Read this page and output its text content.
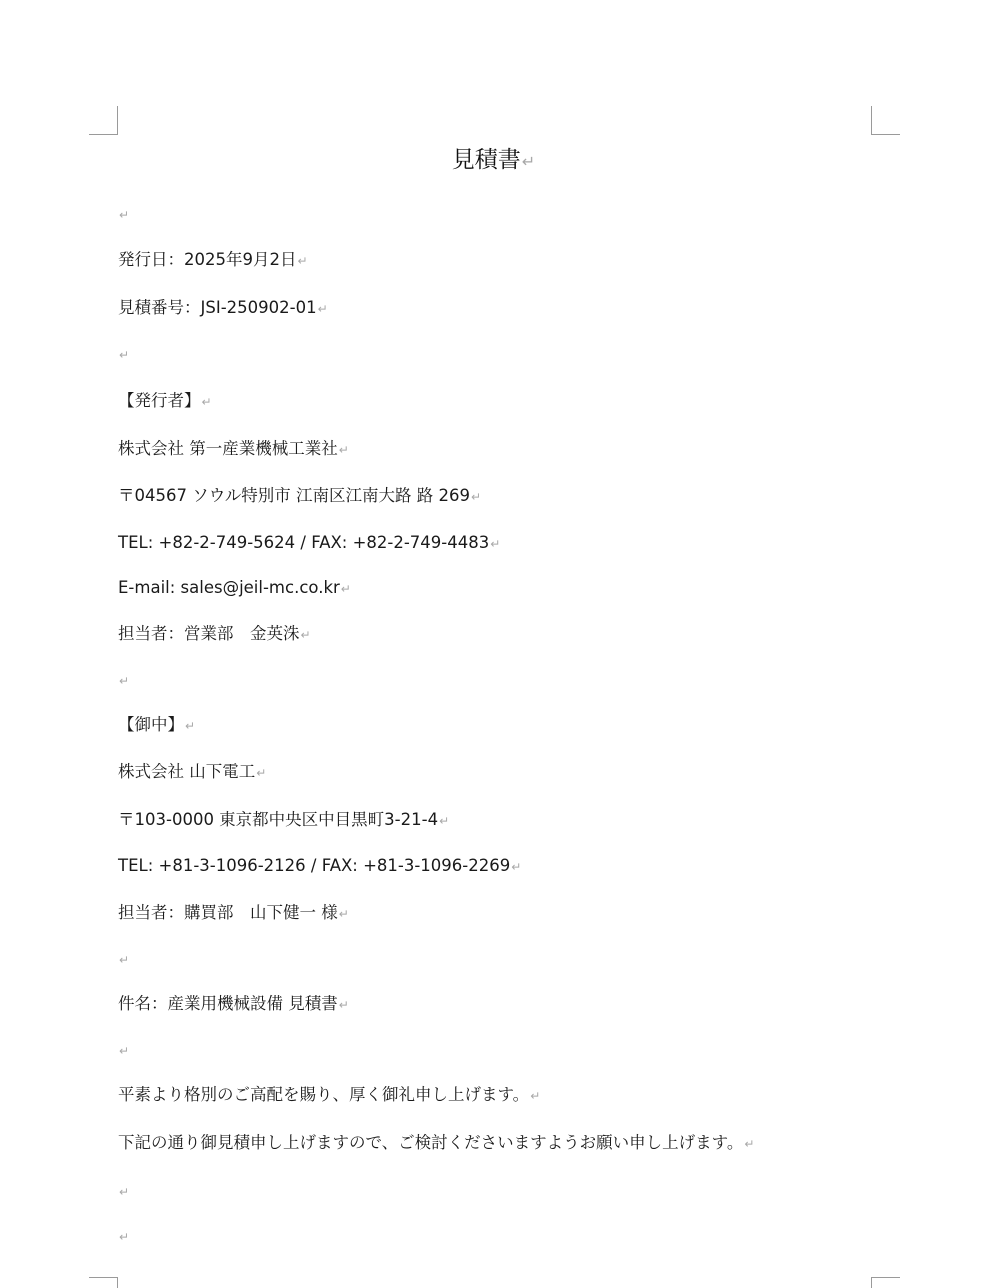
見積書↵
↵
発行日：2025年9月2日↵
見積番号：JSI-250902-01↵
↵
【発行者】↵
株式会社 第一産業機械工業社↵
〒04567 ソウル特別市 江南区江南大路 路 269↵
TEL: +82-2-749-5624 / FAX: +82-2-749-4483↵
E-mail: sales@jeil-mc.co.kr↵
担当者：営業部　金英洙↵
↵
【御中】↵
株式会社 山下電工↵
〒103-0000 東京都中央区中目黒町3-21-4↵
TEL: +81-3-1096-2126 / FAX: +81-3-1096-2269↵
担当者：購買部　山下健一 様↵
↵
件名：産業用機械設備 見積書↵
↵
平素より格別のご高配を賜り、厚く御礼申し上げます。↵
下記の通り御見積申し上げますので、ご検討くださいますようお願い申し上げます。↵
↵
↵
